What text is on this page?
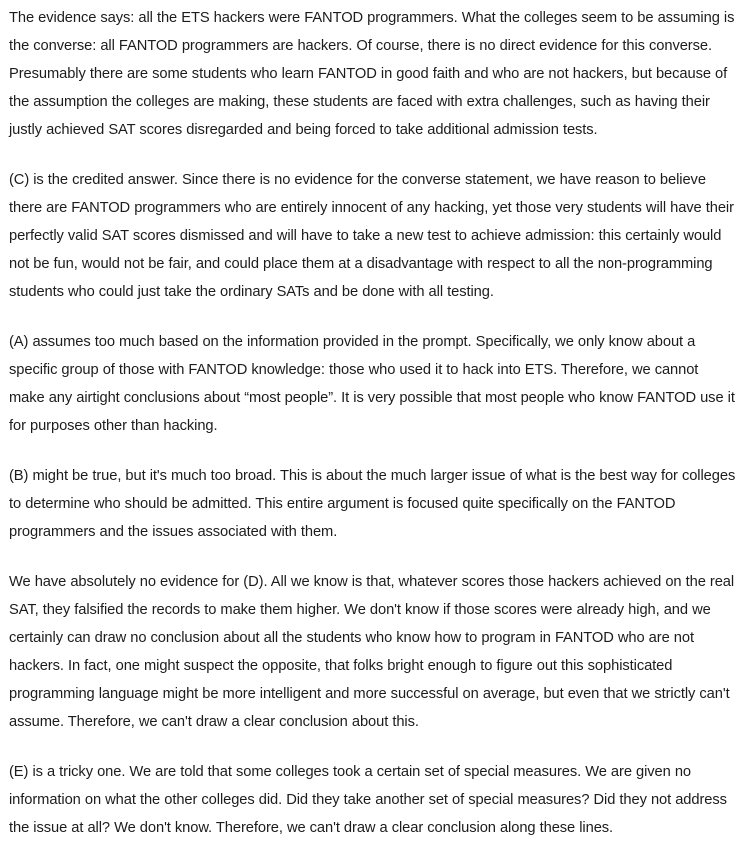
The evidence says: all the ETS hackers were FANTOD programmers. What the colleges seem to be assuming is the converse: all FANTOD programmers are hackers. Of course, there is no direct evidence for this converse. Presumably there are some students who learn FANTOD in good faith and who are not hackers, but because of the assumption the colleges are making, these students are faced with extra challenges, such as having their justly achieved SAT scores disregarded and being forced to take additional admission tests.

(C) is the credited answer. Since there is no evidence for the converse statement, we have reason to believe there are FANTOD programmers who are entirely innocent of any hacking, yet those very students will have their perfectly valid SAT scores dismissed and will have to take a new test to achieve admission: this certainly would not be fun, would not be fair, and could place them at a disadvantage with respect to all the non-programming students who could just take the ordinary SATs and be done with all testing.

(A) assumes too much based on the information provided in the prompt. Specifically, we only know about a specific group of those with FANTOD knowledge: those who used it to hack into ETS. Therefore, we cannot make any airtight conclusions about “most people”. It is very possible that most people who know FANTOD use it for purposes other than hacking.

(B) might be true, but it's much too broad. This is about the much larger issue of what is the best way for colleges to determine who should be admitted. This entire argument is focused quite specifically on the FANTOD programmers and the issues associated with them.

We have absolutely no evidence for (D). All we know is that, whatever scores those hackers achieved on the real SAT, they falsified the records to make them higher. We don't know if those scores were already high, and we certainly can draw no conclusion about all the students who know how to program in FANTOD who are not hackers. In fact, one might suspect the opposite, that folks bright enough to figure out this sophisticated programming language might be more intelligent and more successful on average, but even that we strictly can't assume. Therefore, we can't draw a clear conclusion about this.

(E) is a tricky one. We are told that some colleges took a certain set of special measures. We are given no information on what the other colleges did. Did they take another set of special measures? Did they not address the issue at all? We don't know. Therefore, we can't draw a clear conclusion along these lines.
